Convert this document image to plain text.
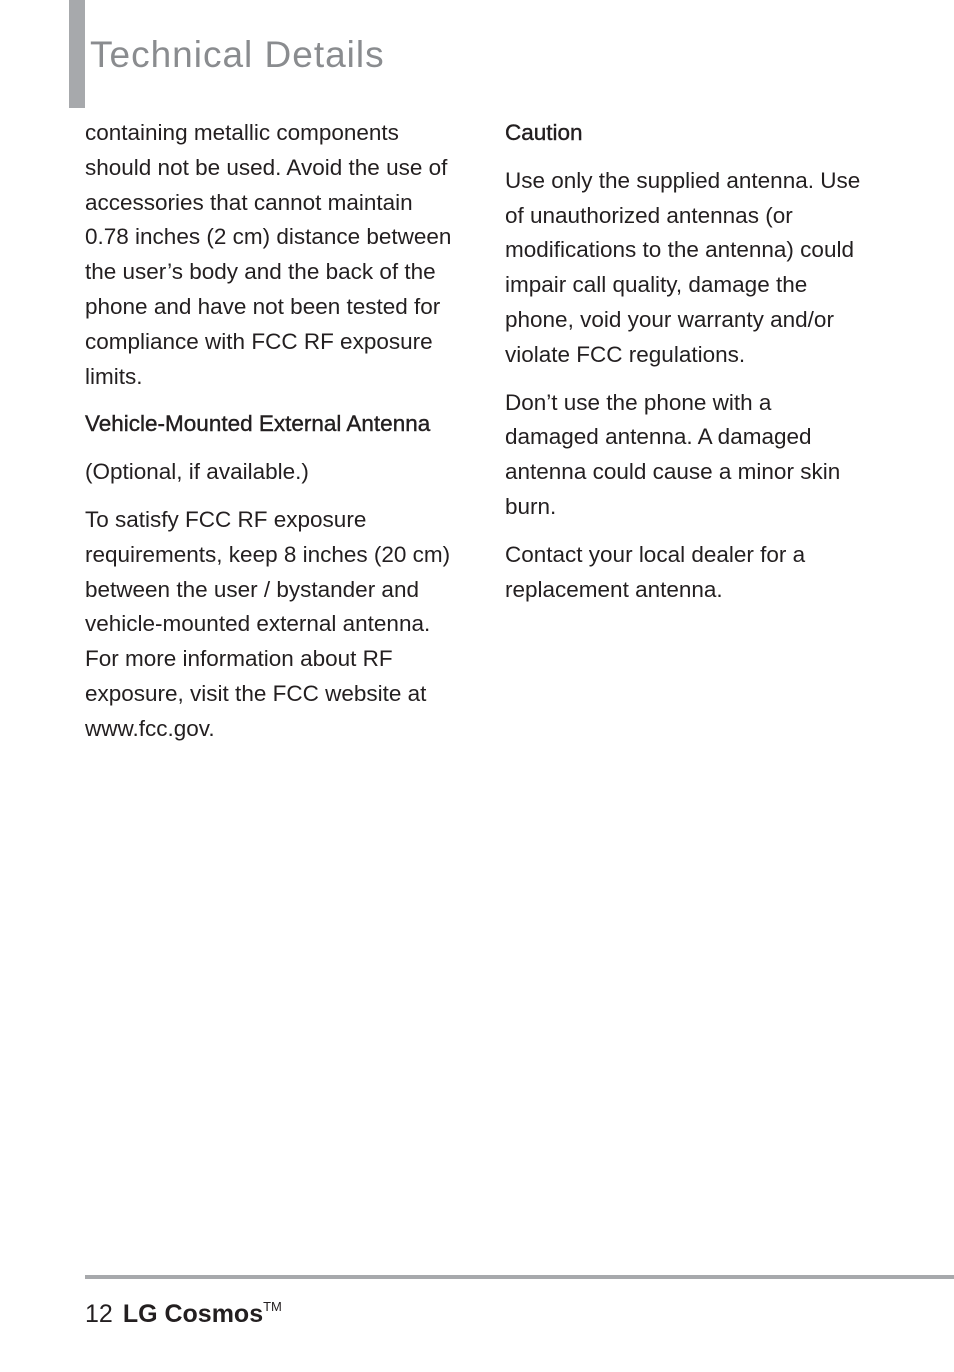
Technical Details

containing metallic components should not be used. Avoid the use of accessories that cannot maintain 0.78 inches (2 cm) distance between the user’s body and the back of the phone and have not been tested for compliance with FCC RF exposure limits.

Vehicle-Mounted External Antenna

(Optional, if available.)

To satisfy FCC RF exposure requirements, keep 8 inches (20 cm) between the user / bystander and vehicle-mounted external antenna. For more information about RF exposure, visit the FCC website at www.fcc.gov.

Caution

Use only the supplied antenna. Use of unauthorized antennas (or modifications to the antenna) could impair call quality, damage the phone, void your warranty and/or violate FCC regulations.

Don’t use the phone with a damaged antenna. A damaged antenna could cause a minor skin burn.

Contact your local dealer for a replacement antenna.

12 LG Cosmos™
